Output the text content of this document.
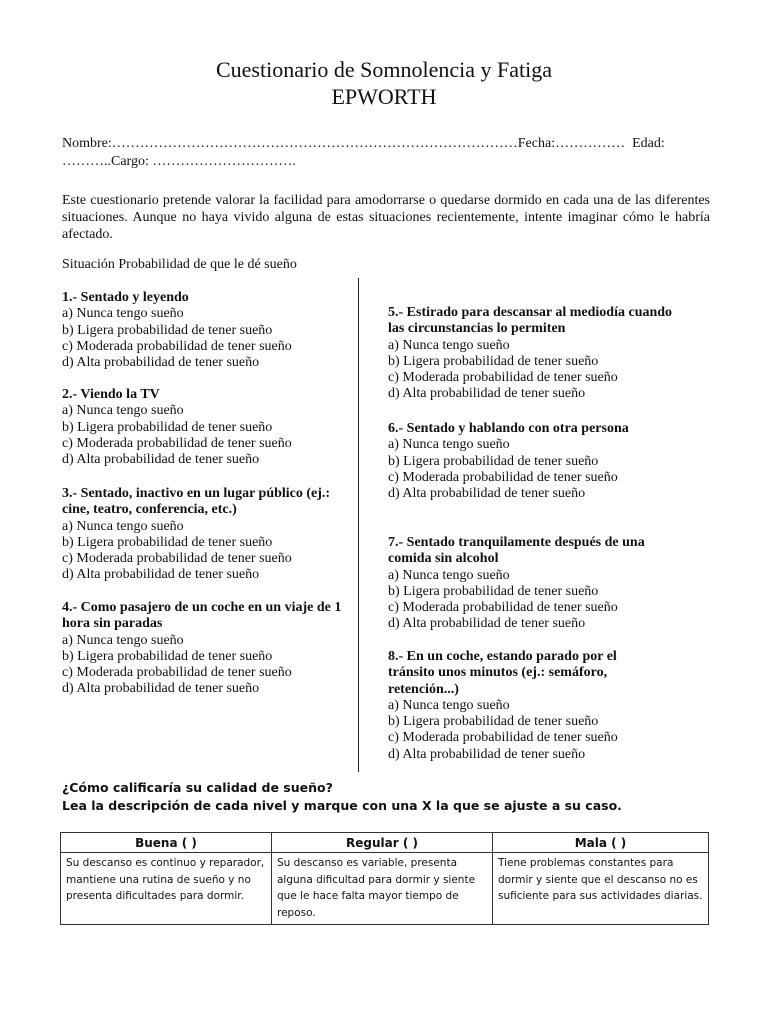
Cuestionario de Somnolencia y Fatiga
EPWORTH
Nombre:……………………………………………………………………………Fecha:……………  Edad:
………..Cargo: ………………………….

Este cuestionario pretende valorar la facilidad para amodorrarse o quedarse dormido en cada una de las diferentes situaciones. Aunque no haya vivido alguna de estas situaciones recientemente, intente imaginar cómo le habría afectado.

Situación Probabilidad de que le dé sueño
1.- Sentado y leyendo
a) Nunca tengo sueño
b) Ligera probabilidad de tener sueño
c) Moderada probabilidad de tener sueño
d) Alta probabilidad de tener sueño
2.- Viendo la TV
a) Nunca tengo sueño
b) Ligera probabilidad de tener sueño
c) Moderada probabilidad de tener sueño
d) Alta probabilidad de tener sueño
3.- Sentado, inactivo en un lugar público (ej.: cine, teatro, conferencia, etc.)
a) Nunca tengo sueño
b) Ligera probabilidad de tener sueño
c) Moderada probabilidad de tener sueño
d) Alta probabilidad de tener sueño
4.- Como pasajero de un coche en un viaje de 1 hora sin paradas
a) Nunca tengo sueño
b) Ligera probabilidad de tener sueño
c) Moderada probabilidad de tener sueño
d) Alta probabilidad de tener sueño
5.- Estirado para descansar al mediodía cuando las circunstancias lo permiten
a) Nunca tengo sueño
b) Ligera probabilidad de tener sueño
c) Moderada probabilidad de tener sueño
d) Alta probabilidad de tener sueño
6.- Sentado y hablando con otra persona
a) Nunca tengo sueño
b) Ligera probabilidad de tener sueño
c) Moderada probabilidad de tener sueño
d) Alta probabilidad de tener sueño
7.- Sentado tranquilamente después de una comida sin alcohol
a) Nunca tengo sueño
b) Ligera probabilidad de tener sueño
c) Moderada probabilidad de tener sueño
d) Alta probabilidad de tener sueño
8.- En un coche, estando parado por el tránsito unos minutos (ej.: semáforo, retención...)
a) Nunca tengo sueño
b) Ligera probabilidad de tener sueño
c) Moderada probabilidad de tener sueño
d) Alta probabilidad de tener sueño
¿Cómo calificaría su calidad de sueño?
Lea la descripción de cada nivel y marque con una X la que se ajuste a su caso.
Buena ( )	Regular ( )	Mala ( )
Su descanso es continuo y reparador, mantiene una rutina de sueño y no presenta dificultades para dormir.	Su descanso es variable, presenta alguna dificultad para dormir y siente que le hace falta mayor tiempo de reposo.	Tiene problemas constantes para dormir y siente que el descanso no es suficiente para sus actividades diarias.
